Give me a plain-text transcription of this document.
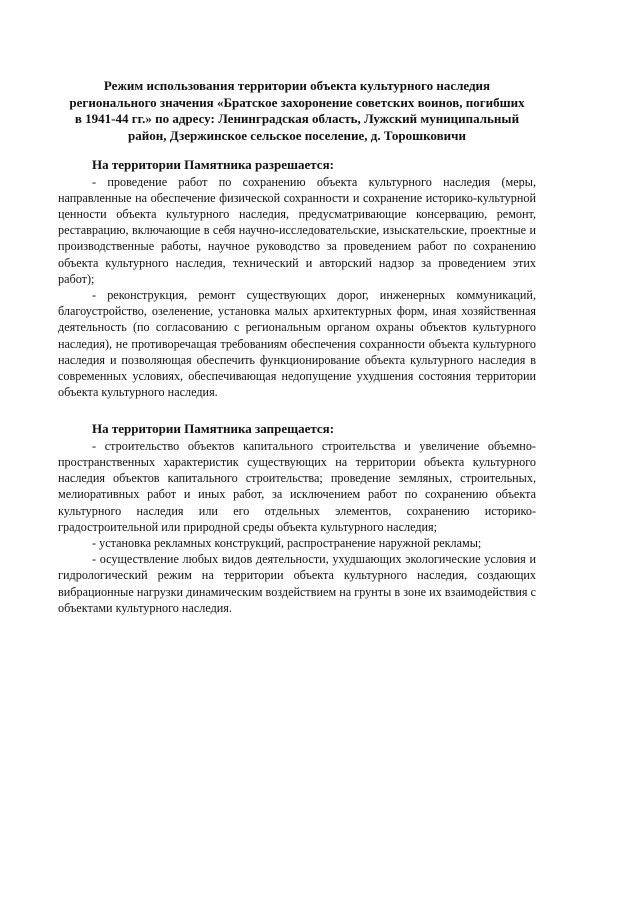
Режим использования территории объекта культурного наследия
регионального значения «Братское захоронение советских воинов, погибших
в 1941-44 гг.» по адресу: Ленинградская область, Лужский муниципальный
район, Дзержинское сельское поселение, д. Торошковичи

На территории Памятника разрешается:

- проведение работ по сохранению объекта культурного наследия (меры, направленные на обеспечение физической сохранности и сохранение историко-культурной ценности объекта культурного наследия, предусматривающие консервацию, ремонт, реставрацию, включающие в себя научно-исследовательские, изыскательские, проектные и производственные работы, научное руководство за проведением работ по сохранению объекта культурного наследия, технический и авторский надзор за проведением этих работ);

- реконструкция, ремонт существующих дорог, инженерных коммуникаций, благоустройство, озеленение, установка малых архитектурных форм, иная хозяйственная деятельность (по согласованию с региональным органом охраны объектов культурного наследия), не противоречащая требованиям обеспечения сохранности объекта культурного наследия и позволяющая обеспечить функционирование объекта культурного наследия в современных условиях, обеспечивающая недопущение ухудшения состояния территории объекта культурного наследия.

На территории Памятника запрещается:

- строительство объектов капитального строительства и увеличение объемно-пространственных характеристик существующих на территории объекта культурного наследия объектов капитального строительства; проведение земляных, строительных, мелиоративных работ и иных работ, за исключением работ по сохранению объекта культурного наследия или его отдельных элементов, сохранению историко-градостроительной или природной среды объекта культурного наследия;

- установка рекламных конструкций, распространение наружной рекламы;

- осуществление любых видов деятельности, ухудшающих экологические условия и гидрологический режим на территории объекта культурного наследия, создающих вибрационные нагрузки динамическим воздействием на грунты в зоне их взаимодействия с объектами культурного наследия.
